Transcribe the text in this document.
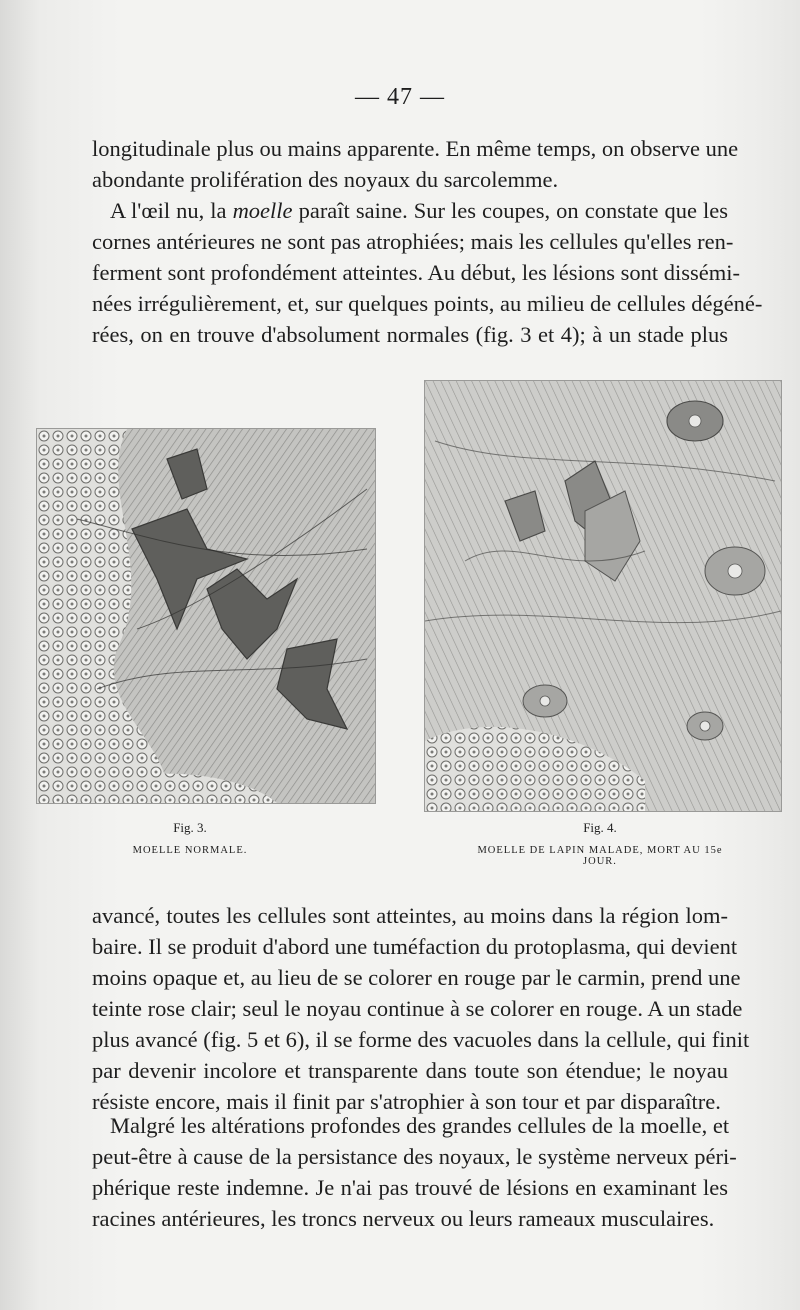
— 47 —
longitudinale plus ou mains apparente. En même temps, on observe une
abondante prolifération des noyaux du sarcolemme.
A l'œil nu, la moelle paraît saine. Sur les coupes, on constate que les
cornes antérieures ne sont pas atrophiées; mais les cellules qu'elles ren-
ferment sont profondément atteintes. Au début, les lésions sont dissémi-
nées irrégulièrement, et, sur quelques points, au milieu de cellules dégéné-
rées, on en trouve d'absolument normales (fig. 3 et 4); à un stade plus
Fig. 3.
MOELLE NORMALE.
Fig. 4.
MOELLE DE LAPIN MALADE, MORT AU 15e JOUR.
avancé, toutes les cellules sont atteintes, au moins dans la région lom-
baire. Il se produit d'abord une tuméfaction du protoplasma, qui devient
moins opaque et, au lieu de se colorer en rouge par le carmin, prend une
teinte rose clair; seul le noyau continue à se colorer en rouge. A un stade
plus avancé (fig. 5 et 6), il se forme des vacuoles dans la cellule, qui finit
par devenir incolore et transparente dans toute son étendue; le noyau
résiste encore, mais il finit par s'atrophier à son tour et par disparaître.
Malgré les altérations profondes des grandes cellules de la moelle, et
peut-être à cause de la persistance des noyaux, le système nerveux péri-
phérique reste indemne. Je n'ai pas trouvé de lésions en examinant les
racines antérieures, les troncs nerveux ou leurs rameaux musculaires.
